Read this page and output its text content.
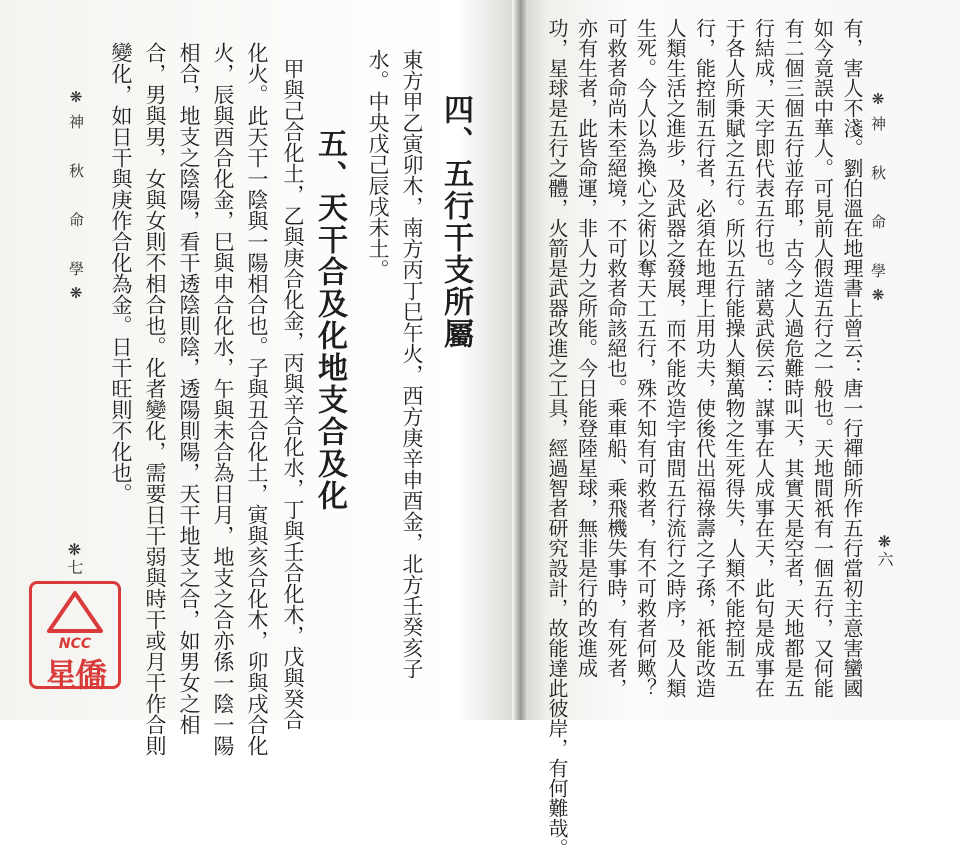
❋神 秋 命 學❋
❋七
四、五行干支所屬
東方甲乙寅卯木，南方丙丁巳午火，西方庚辛申酉金，北方壬癸亥子
水。中央戊己辰戌未土。
五、天干合及化地支合及化
甲與己合化土，乙與庚合化金，丙與辛合化水，丁與壬合化木，戊與癸合
化火。此天干一陰與一陽相合也。子與丑合化土，寅與亥合化木，卯與戌合化
火，辰與酉合化金，巳與申合化水，午與未合為日月，地支之合亦係一陰一陽
相合，地支之陰陽，看干透陰則陰，透陽則陽，天干地支之合，如男女之相
合，男與男，女與女則不相合也。化者變化，需要日干弱與時干或月干作合則
變化，如日干與庚作合化為金。日干旺則不化也。	❋神 秋 命 學❋
❋六
有，害人不淺。劉伯溫在地理書上曾云：唐一行禪師所作五行當初主意害蠻國
如今竟誤中華人。可見前人假造五行之一般也。天地間祇有一個五行，又何能
有二個三個五行並存耶，古今之人過危難時叫天，其實天是空者，天地都是五
行結成，天字即代表五行也。諸葛武侯云：謀事在人成事在天，此句是成事在
于各人所秉賦之五行。所以五行能操人類萬物之生死得失，人類不能控制五
行，能控制五行者，必須在地理上用功夫，使後代出福祿壽之子孫，祇能改造
人類生活之進步，及武器之發展，而不能改造宇宙間五行流行之時序，及人類
生死。今人以為換心之術以奪天工五行，殊不知有可救者，有不可救者何歟？
可救者命尚未至絕境，不可救者命該絕也。乘車船、乘飛機失事時，有死者，
亦有生者，此皆命運，非人力之所能。今日能登陸星球，無非是行的改進成
功，星球是五行之體，火箭是武器改進之工具，經過智者研究設計，故能達此彼岸，有何難哉。
NCC
星僑
